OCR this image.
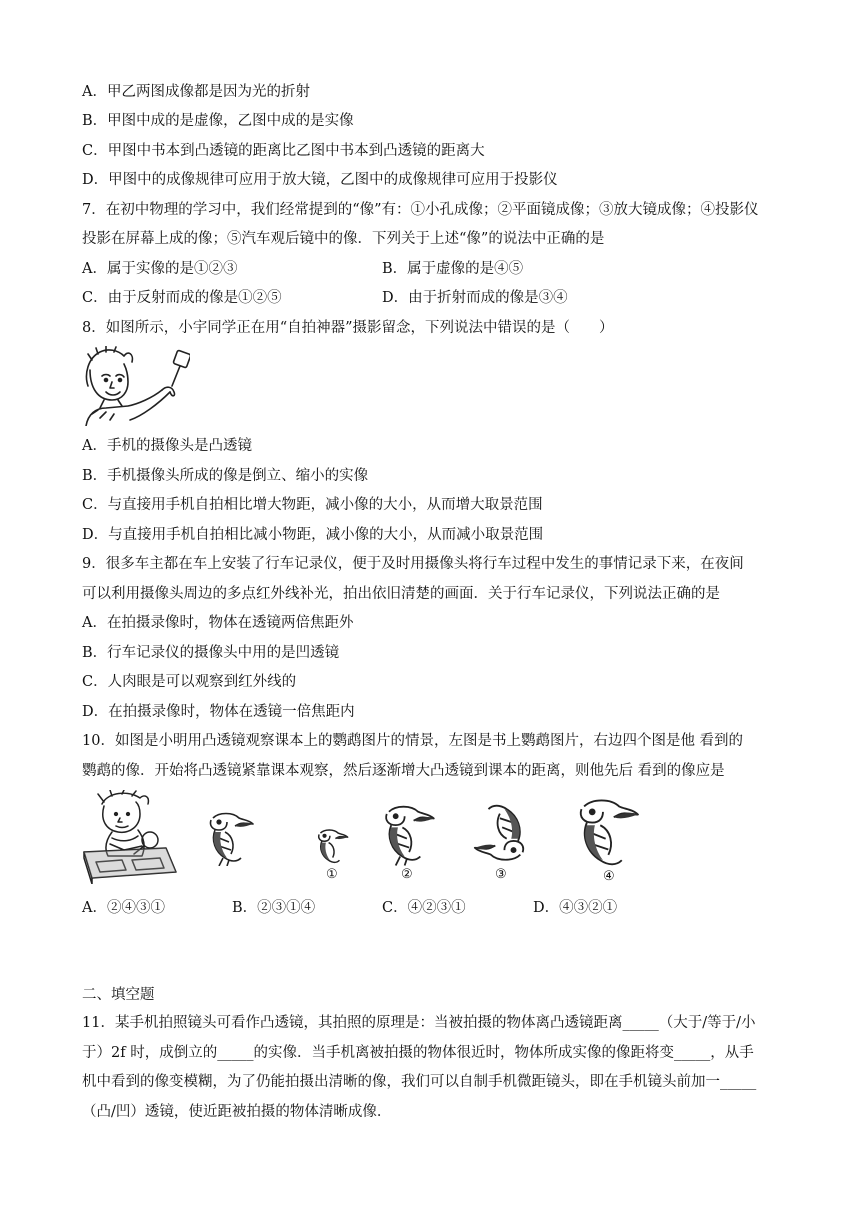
A．甲乙两图成像都是因为光的折射
B．甲图中成的是虚像，乙图中成的是实像
C．甲图中书本到凸透镜的距离比乙图中书本到凸透镜的距离大
D．甲图中的成像规律可应用于放大镜，乙图中的成像规律可应用于投影仪
7．在初中物理的学习中，我们经常提到的“像”有：①小孔成像；②平面镜成像；③放大镜成像；④投影仪
投影在屏幕上成的像；⑤汽车观后镜中的像．下列关于上述“像”的说法中正确的是
A．属于实像的是①②③	B．属于虚像的是④⑤
C．由于反射而成的像是①②⑤	D．由于折射而成的像是③④
8．如图所示，小宇同学正在用“自拍神器”摄影留念，下列说法中错误的是（　　）
A．手机的摄像头是凸透镜
B．手机摄像头所成的像是倒立、缩小的实像
C．与直接用手机自拍相比增大物距，减小像的大小，从而增大取景范围
D．与直接用手机自拍相比减小物距，减小像的大小，从而减小取景范围
9．很多车主都在车上安装了行车记录仪，便于及时用摄像头将行车过程中发生的事情记录下来，在夜间
可以利用摄像头周边的多点红外线补光，拍出依旧清楚的画面．关于行车记录仪，下列说法正确的是
A．在拍摄录像时，物体在透镜两倍焦距外
B．行车记录仪的摄像头中用的是凹透镜
C．人肉眼是可以观察到红外线的
D．在拍摄录像时，物体在透镜一倍焦距内
10．如图是小明用凸透镜观察课本上的鹦鹉图片的情景，左图是书上鹦鹉图片，右边四个图是他 看到的
鹦鹉的像．开始将凸透镜紧靠课本观察，然后逐渐增大凸透镜到课本的距离，则他先后 看到的像应是
①	②	③	④
A．②④③①	B．②③①④	C．④②③①	D．④③②①
二、填空题
11．某手机拍照镜头可看作凸透镜，其拍照的原理是：当被拍摄的物体离凸透镜距离_____（大于/等于/小
于）2f 时，成倒立的_____的实像．当手机离被拍摄的物体很近时，物体所成实像的像距将变_____，从手
机中看到的像变模糊，为了仍能拍摄出清晰的像，我们可以自制手机微距镜头，即在手机镜头前加一_____
（凸/凹）透镜，使近距被拍摄的物体清晰成像．
